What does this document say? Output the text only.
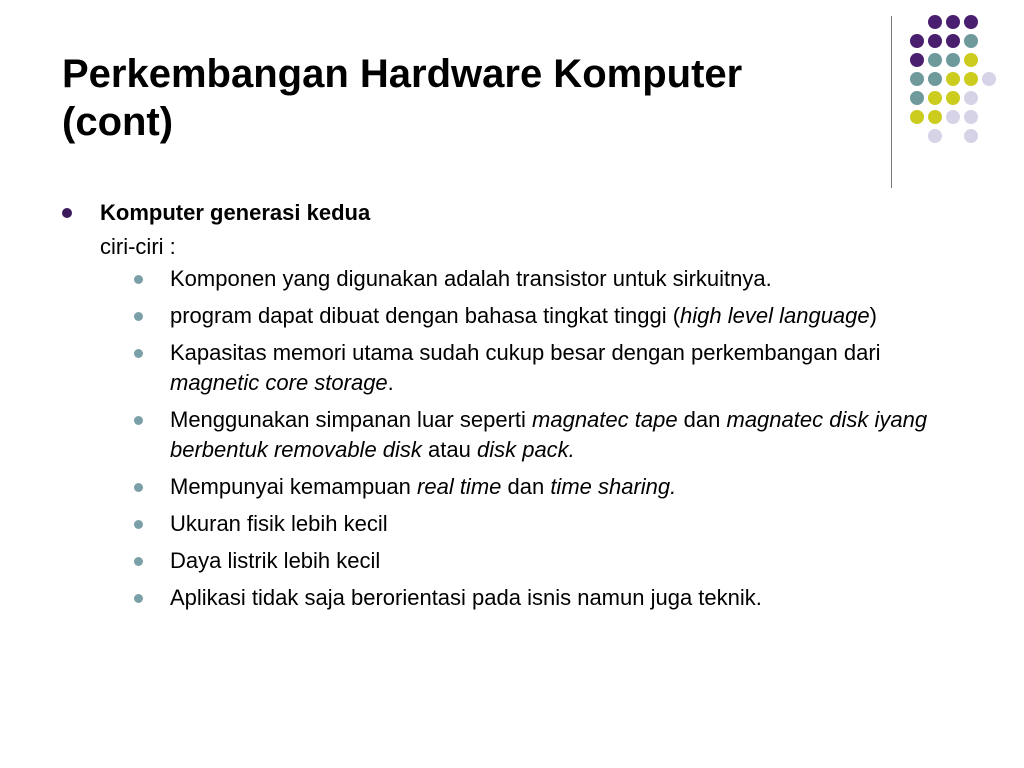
Perkembangan Hardware Komputer
(cont)
Komputer generasi kedua
ciri-ciri :
Komponen yang digunakan adalah transistor untuk sirkuitnya.
program dapat dibuat dengan bahasa tingkat tinggi (high level language)
Kapasitas memori utama sudah cukup besar dengan perkembangan dari magnetic core storage.
Menggunakan simpanan luar seperti magnatec tape dan magnatec disk iyang berbentuk removable disk atau disk pack.
Mempunyai kemampuan real time dan time sharing.
Ukuran fisik lebih kecil
Daya listrik lebih kecil
Aplikasi tidak saja berorientasi pada isnis namun juga teknik.
